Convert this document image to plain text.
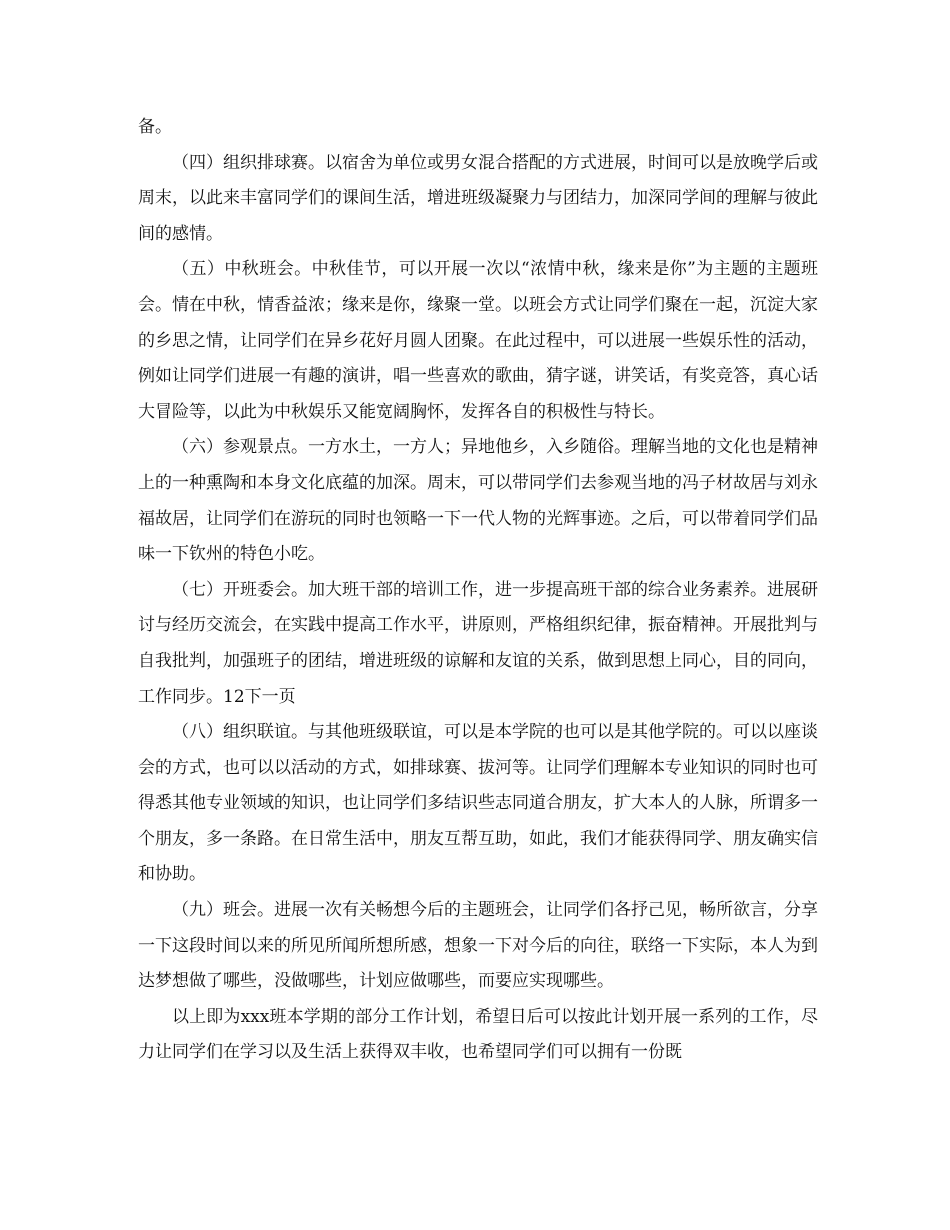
备。

（四）组织排球赛。以宿舍为单位或男女混合搭配的方式进展，时间可以是放晚学后或周末，以此来丰富同学们的课间生活，增进班级凝聚力与团结力，加深同学间的理解与彼此间的感情。

（五）中秋班会。中秋佳节，可以开展一次以“浓情中秋，缘来是你”为主题的主题班会。情在中秋，情香益浓；缘来是你，缘聚一堂。以班会方式让同学们聚在一起，沉淀大家的乡思之情，让同学们在异乡花好月圆人团聚。在此过程中，可以进展一些娱乐性的活动，例如让同学们进展一有趣的演讲，唱一些喜欢的歌曲，猜字谜，讲笑话，有奖竞答，真心话大冒险等，以此为中秋娱乐又能宽阔胸怀，发挥各自的积极性与特长。

（六）参观景点。一方水土，一方人；异地他乡，入乡随俗。理解当地的文化也是精神上的一种熏陶和本身文化底蕴的加深。周末，可以带同学们去参观当地的冯子材故居与刘永福故居，让同学们在游玩的同时也领略一下一代人物的光辉事迹。之后，可以带着同学们品味一下钦州的特色小吃。

（七）开班委会。加大班干部的培训工作，进一步提高班干部的综合业务素养。进展研讨与经历交流会，在实践中提高工作水平，讲原则，严格组织纪律，振奋精神。开展批判与自我批判，加强班子的团结，增进班级的谅解和友谊的关系，做到思想上同心，目的同向，工作同步。12下一页

（八）组织联谊。与其他班级联谊，可以是本学院的也可以是其他学院的。可以以座谈会的方式，也可以以活动的方式，如排球赛、拔河等。让同学们理解本专业知识的同时也可得悉其他专业领域的知识，也让同学们多结识些志同道合朋友，扩大本人的人脉，所谓多一个朋友，多一条路。在日常生活中，朋友互帮互助，如此，我们才能获得同学、朋友确实信和协助。

（九）班会。进展一次有关畅想今后的主题班会，让同学们各抒己见，畅所欲言，分享一下这段时间以来的所见所闻所想所感，想象一下对今后的向往，联络一下实际，本人为到达梦想做了哪些，没做哪些，计划应做哪些，而要应实现哪些。

以上即为xxx班本学期的部分工作计划，希望日后可以按此计划开展一系列的工作，尽力让同学们在学习以及生活上获得双丰收，也希望同学们可以拥有一份既
